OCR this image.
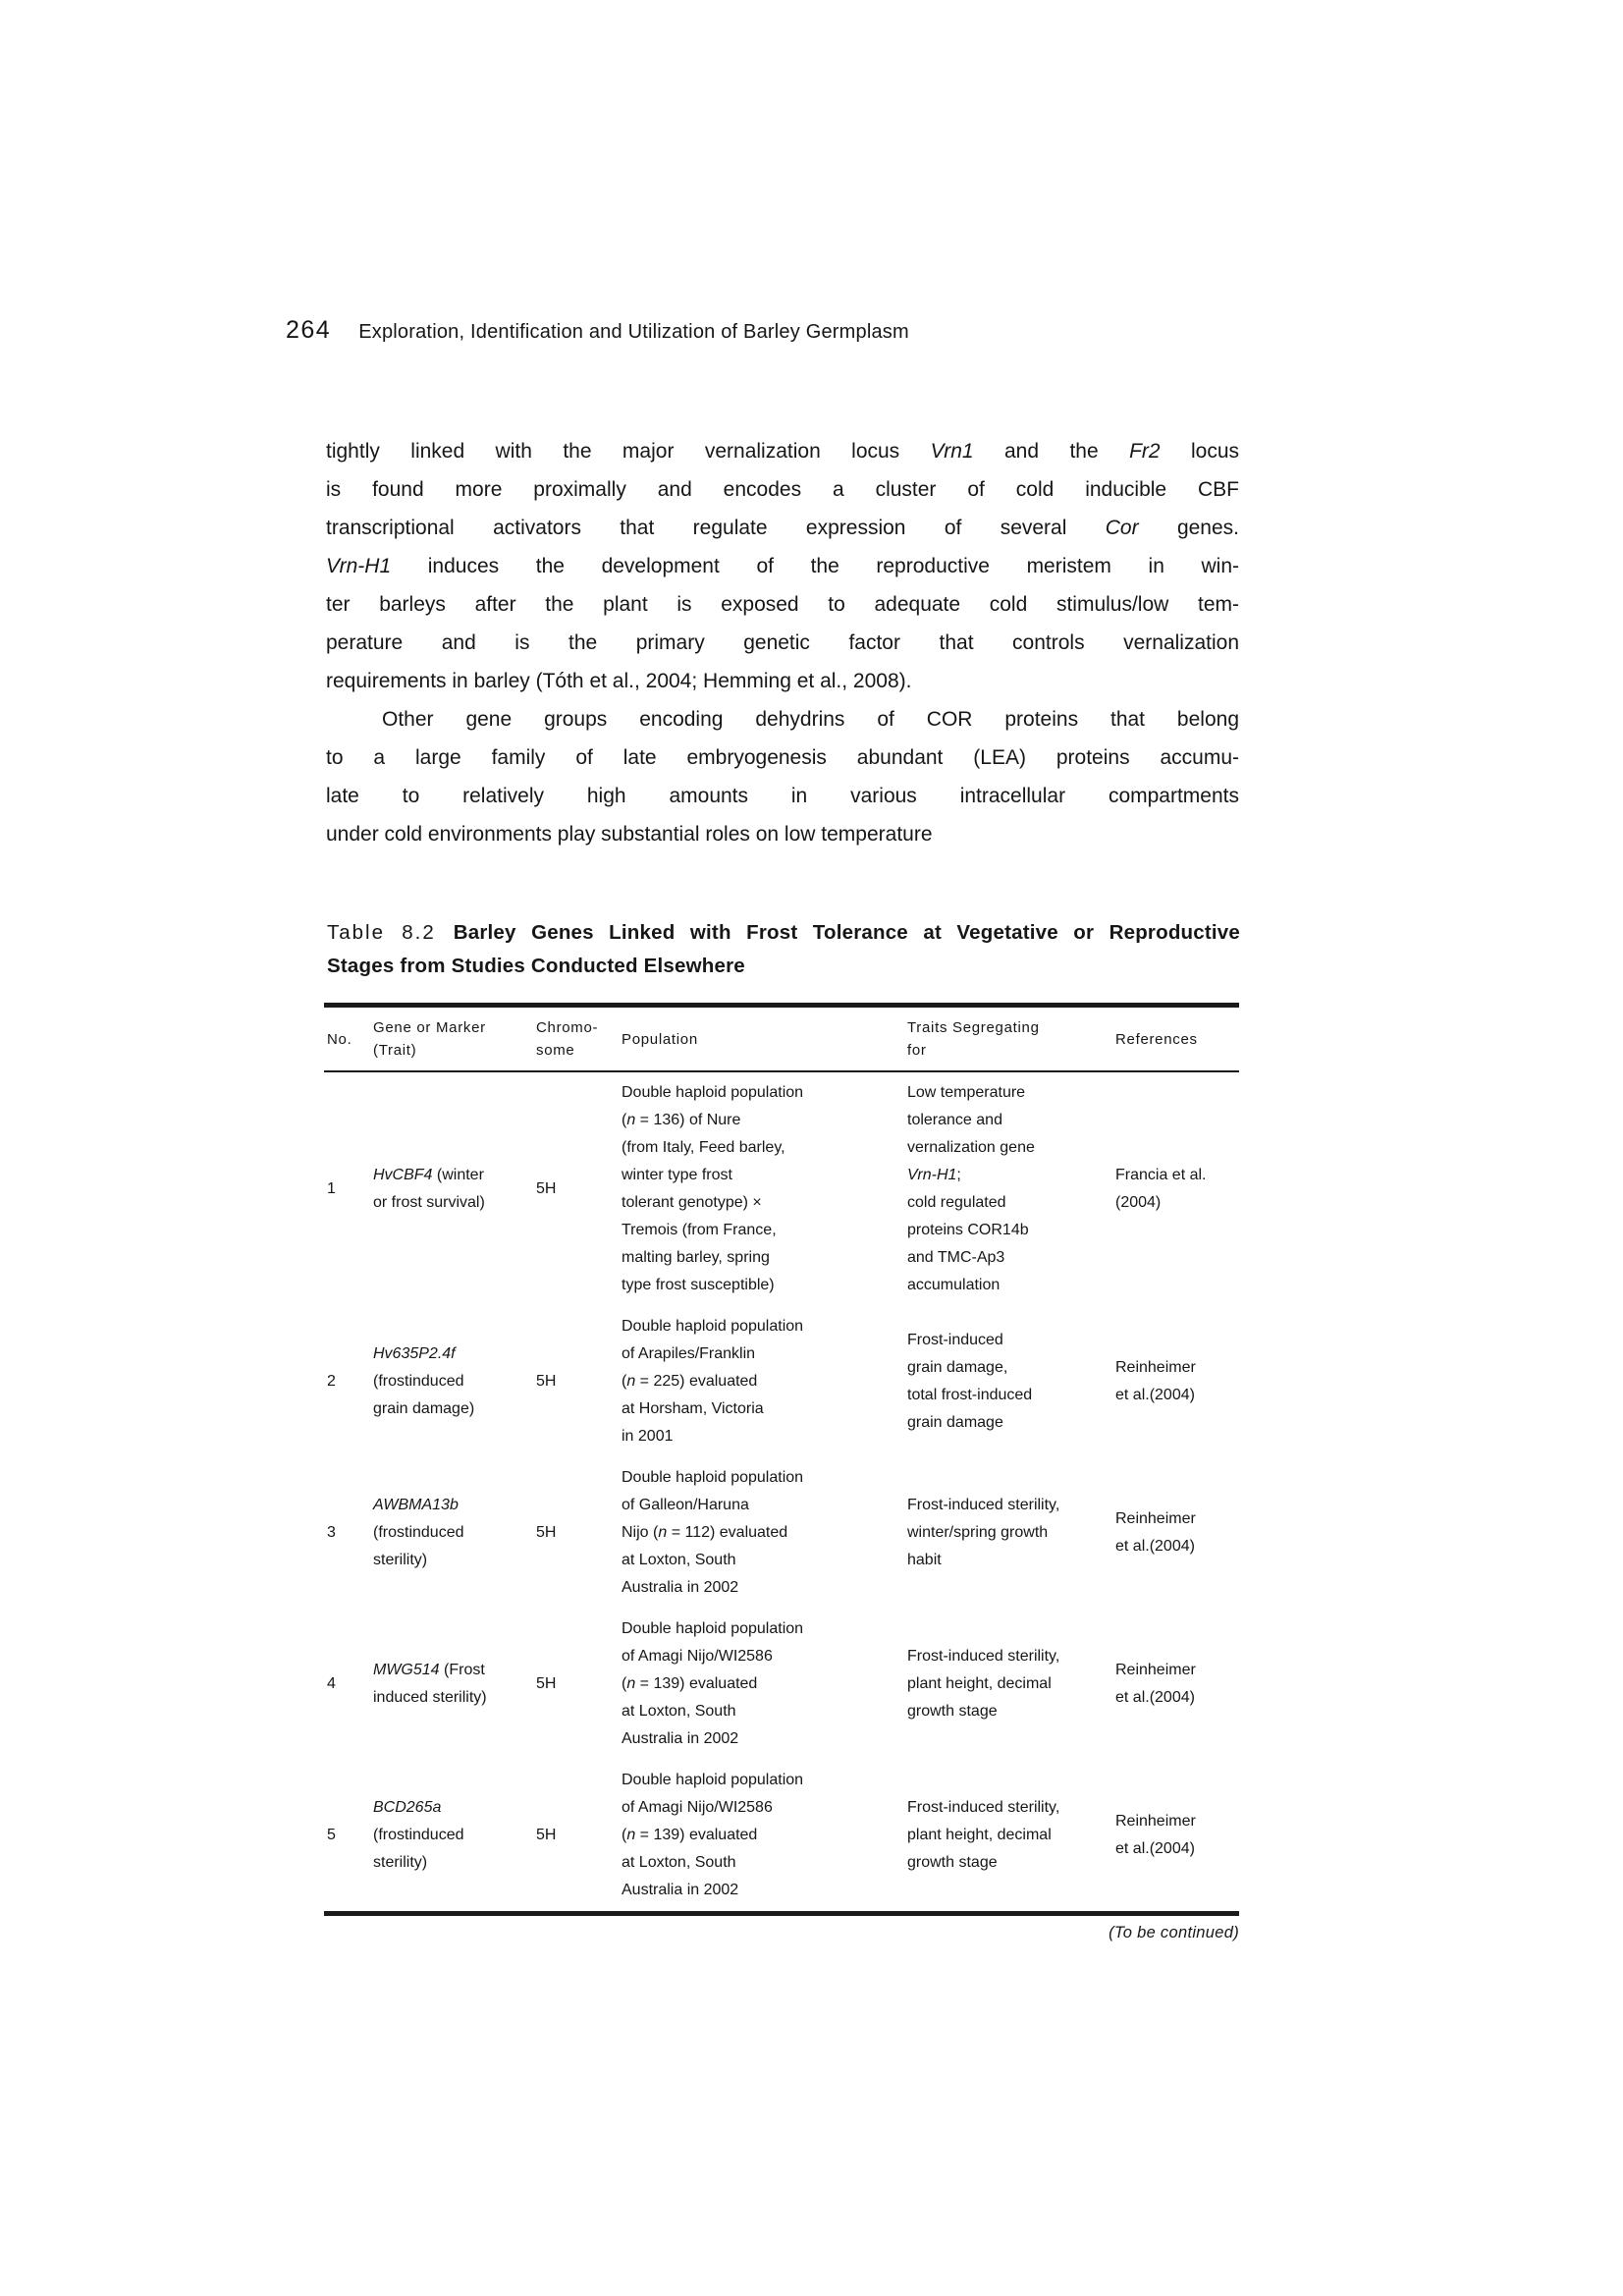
264 Exploration, Identification and Utilization of Barley Germplasm
tightly linked with the major vernalization locus Vrn1 and the Fr2 locus
is found more proximally and encodes a cluster of cold inducible CBF
transcriptional activators that regulate expression of several Cor genes.
Vrn-H1 induces the development of the reproductive meristem in win-
ter barleys after the plant is exposed to adequate cold stimulus/low tem-
perature and is the primary genetic factor that controls vernalization
requirements in barley (Tóth et al., 2004; Hemming et al., 2008).
Other gene groups encoding dehydrins of COR proteins that belong
to a large family of late embryogenesis abundant (LEA) proteins accumu-
late to relatively high amounts in various intracellular compartments
under cold environments play substantial roles on low temperature
Table 8.2 Barley Genes Linked with Frost Tolerance at Vegetative or Reproductive
Stages from Studies Conducted Elsewhere
No.
Gene or Marker
(Trait)
Chromo-
some
Population
Traits Segregating
for
References
1
HvCBF4 (winter
or frost survival)
5H
Double haploid population
(n = 136) of Nure
(from Italy, Feed barley,
winter type frost
tolerant genotype) ×
Tremois (from France,
malting barley, spring
type frost susceptible)
Low temperature
tolerance and
vernalization gene
Vrn-H1;
cold regulated
proteins COR14b
and TMC-Ap3
accumulation
Francia et al.
(2004)
2
Hv635P2.4f
(frostinduced
grain damage)
5H
Double haploid population
of Arapiles/Franklin
(n = 225) evaluated
at Horsham, Victoria
in 2001
Frost-induced
grain damage,
total frost-induced
grain damage
Reinheimer
et al.(2004)
3
AWBMA13b
(frostinduced
sterility)
5H
Double haploid population
of Galleon/Haruna
Nijo (n = 112) evaluated
at Loxton, South
Australia in 2002
Frost-induced sterility,
winter/spring growth
habit
Reinheimer
et al.(2004)
4
MWG514 (Frost
induced sterility)
5H
Double haploid population
of Amagi Nijo/WI2586
(n = 139) evaluated
at Loxton, South
Australia in 2002
Frost-induced sterility,
plant height, decimal
growth stage
Reinheimer
et al.(2004)
5
BCD265a
(frostinduced
sterility)
5H
Double haploid population
of Amagi Nijo/WI2586
(n = 139) evaluated
at Loxton, South
Australia in 2002
Frost-induced sterility,
plant height, decimal
growth stage
Reinheimer
et al.(2004)
(To be continued)
